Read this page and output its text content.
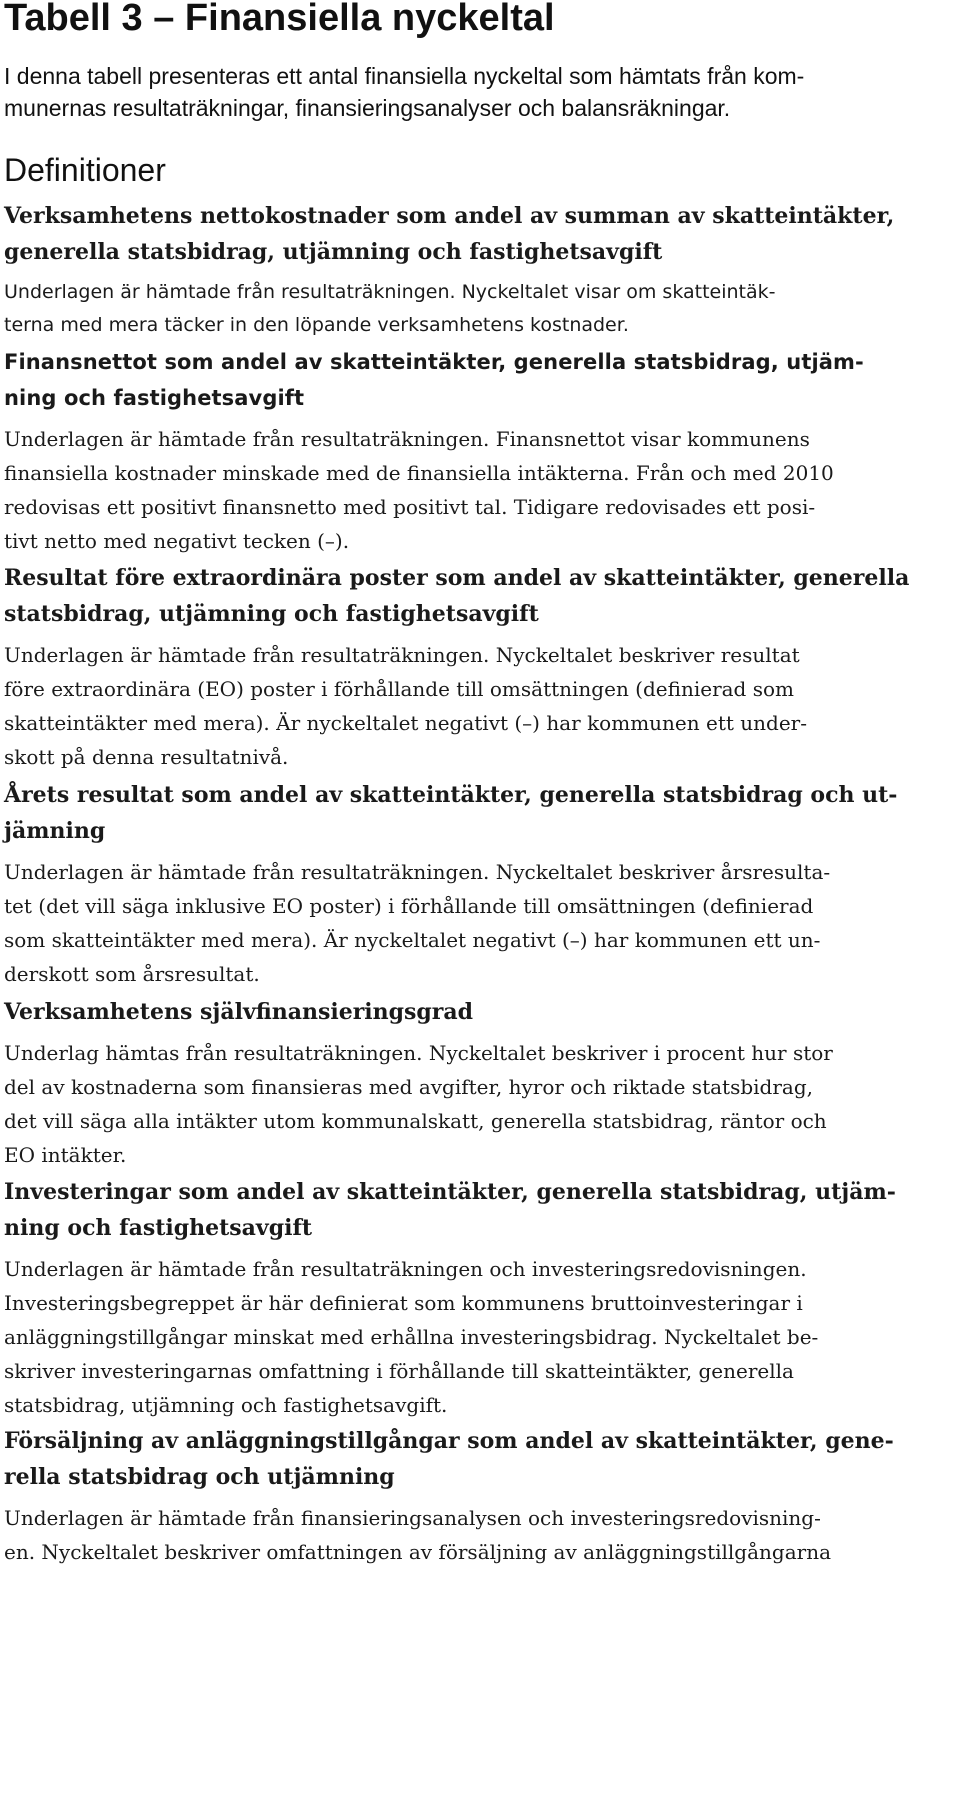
Tabell 3 – Finansiella nyckeltal

I denna tabell presenteras ett antal finansiella nyckeltal som hämtats från kom-
munernas resultaträkningar, finansieringsanalyser och balansräkningar.

Definitioner
Verksamhetens nettokostnader som andel av summan av skatteintäkter,
generella statsbidrag, utjämning och fastighetsavgift

Underlagen är hämtade från resultaträkningen. Nyckeltalet visar om skatteintäk-
terna med mera täcker in den löpande verksamhetens kostnader.

Finansnettot som andel av skatteintäkter, generella statsbidrag, utjäm-
ning och fastighetsavgift

Underlagen är hämtade från resultaträkningen. Finansnettot visar kommunens
finansiella kostnader minskade med de finansiella intäkterna. Från och med 2010
redovisas ett positivt finansnetto med positivt tal. Tidigare redovisades ett posi-
tivt netto med negativt tecken (–).

Resultat före extraordinära poster som andel av skatteintäkter, generella
statsbidrag, utjämning och fastighetsavgift

Underlagen är hämtade från resultaträkningen. Nyckeltalet beskriver resultat
före extraordinära (EO) poster i förhållande till omsättningen (definierad som
skatteintäkter med mera). Är nyckeltalet negativt (–) har kommunen ett under-
skott på denna resultatnivå.

Årets resultat som andel av skatteintäkter, generella statsbidrag och ut-
jämning

Underlagen är hämtade från resultaträkningen. Nyckeltalet beskriver årsresulta-
tet (det vill säga inklusive EO poster) i förhållande till omsättningen (definierad
som skatteintäkter med mera). Är nyckeltalet negativt (–) har kommunen ett un-
derskott som årsresultat.

Verksamhetens självfinansieringsgrad

Underlag hämtas från resultaträkningen. Nyckeltalet beskriver i procent hur stor
del av kostnaderna som finansieras med avgifter, hyror och riktade statsbidrag,
det vill säga alla intäkter utom kommunalskatt, generella statsbidrag, räntor och
EO intäkter.

Investeringar som andel av skatteintäkter, generella statsbidrag, utjäm-
ning och fastighetsavgift

Underlagen är hämtade från resultaträkningen och investeringsredovisningen.
Investeringsbegreppet är här definierat som kommunens bruttoinvesteringar i
anläggningstillgångar minskat med erhållna investeringsbidrag. Nyckeltalet be-
skriver investeringarnas omfattning i förhållande till skatteintäkter, generella
statsbidrag, utjämning och fastighetsavgift.

Försäljning av anläggningstillgångar som andel av skatteintäkter, gene-
rella statsbidrag och utjämning

Underlagen är hämtade från finansieringsanalysen och investeringsredovisning-
en. Nyckeltalet beskriver omfattningen av försäljning av anläggningstillgångarna
